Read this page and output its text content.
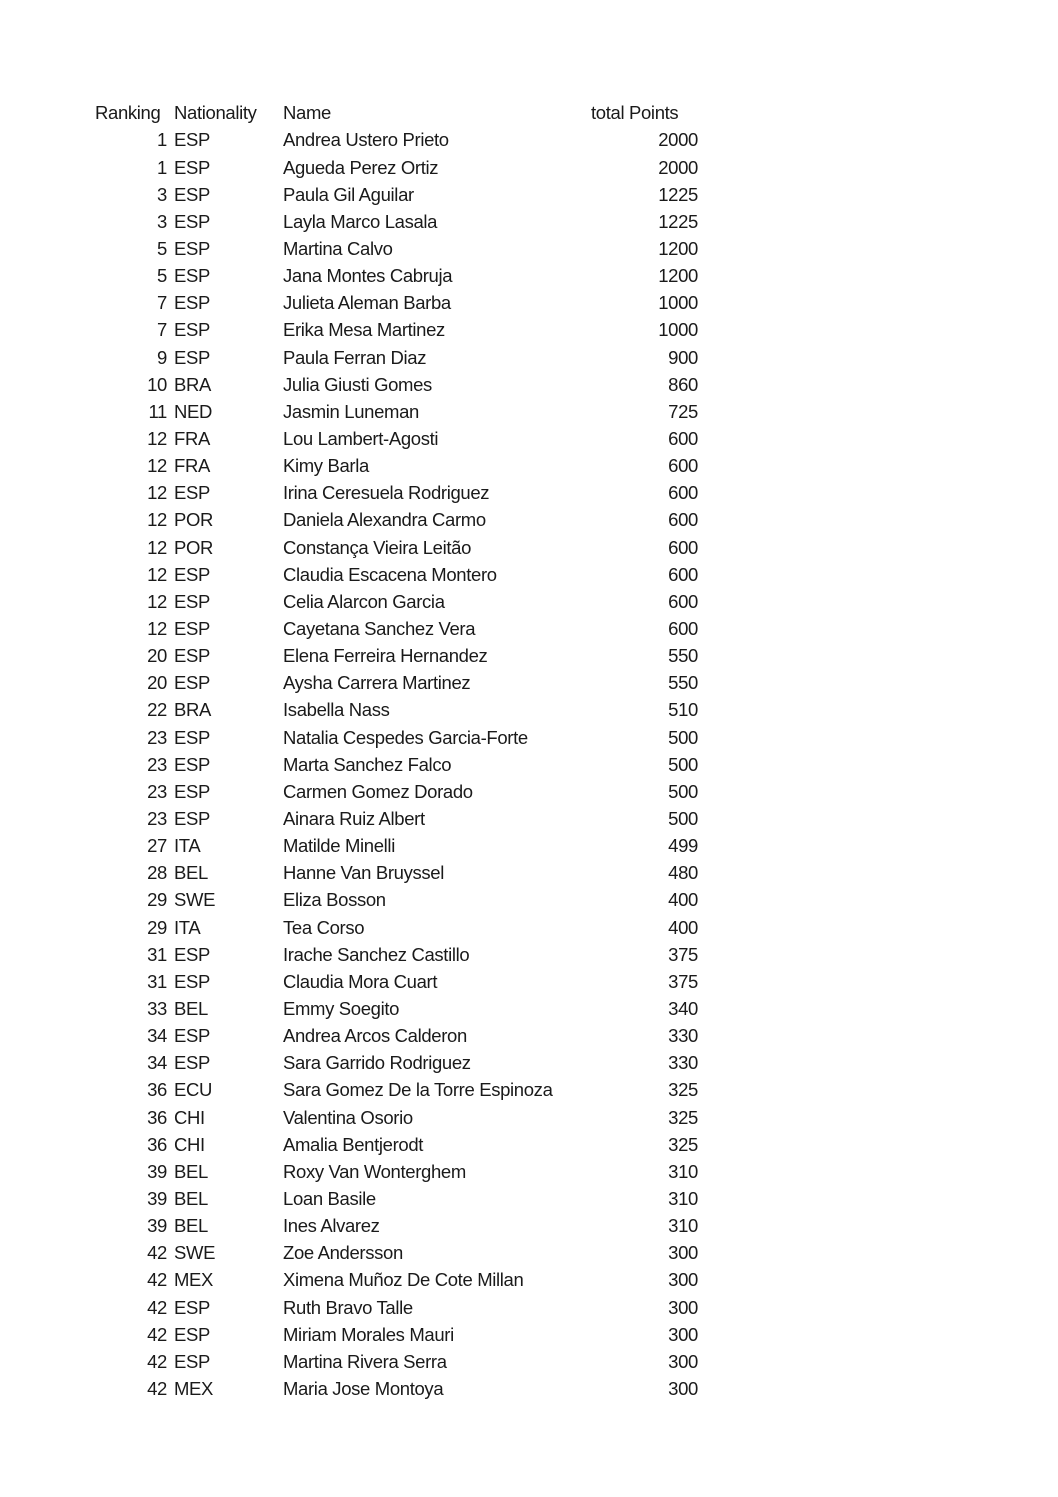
Ranking Nationality	Name	total Points
1 ESP	Andrea Ustero Prieto	2000
1 ESP	Agueda Perez Ortiz	2000
3 ESP	Paula Gil Aguilar	1225
3 ESP	Layla Marco Lasala	1225
5 ESP	Martina Calvo	1200
5 ESP	Jana Montes Cabruja	1200
7 ESP	Julieta Aleman Barba	1000
7 ESP	Erika Mesa Martinez	1000
9 ESP	Paula Ferran Diaz	900
10 BRA	Julia Giusti Gomes	860
11 NED	Jasmin Luneman	725
12 FRA	Lou Lambert-Agosti	600
12 FRA	Kimy Barla	600
12 ESP	Irina Ceresuela Rodriguez	600
12 POR	Daniela Alexandra Carmo	600
12 POR	Constança Vieira Leitão	600
12 ESP	Claudia Escacena Montero	600
12 ESP	Celia Alarcon Garcia	600
12 ESP	Cayetana Sanchez Vera	600
20 ESP	Elena Ferreira Hernandez	550
20 ESP	Aysha Carrera Martinez	550
22 BRA	Isabella Nass	510
23 ESP	Natalia Cespedes Garcia-Forte	500
23 ESP	Marta Sanchez Falco	500
23 ESP	Carmen Gomez Dorado	500
23 ESP	Ainara Ruiz Albert	500
27 ITA	Matilde Minelli	499
28 BEL	Hanne Van Bruyssel	480
29 SWE	Eliza Bosson	400
29 ITA	Tea Corso	400
31 ESP	Irache Sanchez Castillo	375
31 ESP	Claudia Mora Cuart	375
33 BEL	Emmy Soegito	340
34 ESP	Andrea Arcos Calderon	330
34 ESP	Sara Garrido Rodriguez	330
36 ECU	Sara Gomez De la Torre Espinoza	325
36 CHI	Valentina Osorio	325
36 CHI	Amalia Bentjerodt	325
39 BEL	Roxy Van Wonterghem	310
39 BEL	Loan Basile	310
39 BEL	Ines Alvarez	310
42 SWE	Zoe Andersson	300
42 MEX	Ximena Muñoz De Cote Millan	300
42 ESP	Ruth Bravo Talle	300
42 ESP	Miriam Morales Mauri	300
42 ESP	Martina Rivera Serra	300
42 MEX	Maria Jose Montoya	300
